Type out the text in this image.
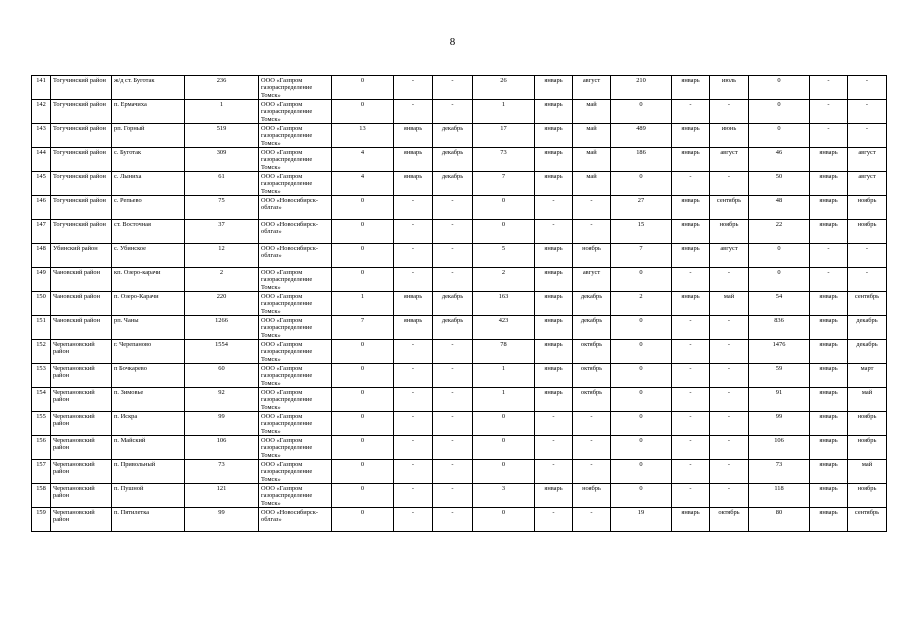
8
141	Тогучинский район	ж/д ст. Буготак	236	ООО «Газпром газораспределение Томск»	0	-	-	26	январь	август	210	январь	июль	0	-	-
142	Тогучинский район	п. Ермачиха	1	ООО «Газпром газораспределение Томск»	0	-	-	1	январь	май	0	-	-	0	-	-
143	Тогучинский район	рп. Горный	519	ООО «Газпром газораспределение Томск»	13	январь	декабрь	17	январь	май	489	январь	июнь	0	-	-
144	Тогучинский район	с. Буготак	309	ООО «Газпром газораспределение Томск»	4	январь	декабрь	73	январь	май	186	январь	август	46	январь	август
145	Тогучинский район	с. Лыниха	61	ООО «Газпром газораспределение Томск»	4	январь	декабрь	7	январь	май	0	-	-	50	январь	август
146	Тогучинский район	с. Репьево	75	ООО «Новосибирск-облгаз»	0	-	-	0	-	-	27	январь	сентябрь	48	январь	ноябрь
147	Тогучинский район	ст. Восточная	37	ООО «Новосибирск-облгаз»	0	-	-	0	-	-	15	январь	ноябрь	22	январь	ноябрь
148	Убинский район	с. Убинское	12	ООО «Новосибирск-облгаз»	0	-	-	5	январь	ноябрь	7	январь	август	0	-	-
149	Чановский район	кп. Озеро-карачи	2	ООО «Газпром газораспределение Томск»	0	-	-	2	январь	август	0	-	-	0	-	-
150	Чановский район	п. Озеро-Карачи	220	ООО «Газпром газораспределение Томск»	1	январь	декабрь	163	январь	декабрь	2	январь	май	54	январь	сентябрь
151	Чановский район	рп. Чаны	1266	ООО «Газпром газораспределение Томск»	7	январь	декабрь	423	январь	декабрь	0	-	-	836	январь	декабрь
152	Черепановский район	г. Черепаново	1554	ООО «Газпром газораспределение Томск»	0	-	-	78	январь	октябрь	0	-	-	1476	январь	декабрь
153	Черепановский район	п Бочкарево	60	ООО «Газпром газораспределение Томск»	0	-	-	1	январь	октябрь	0	-	-	59	январь	март
154	Черепановский район	п. Зимовье	92	ООО «Газпром газораспределение Томск»	0	-	-	1	январь	октябрь	0	-	-	91	январь	май
155	Черепановский район	п. Искра	99	ООО «Газпром газораспределение Томск»	0	-	-	0	-	-	0	-	-	99	январь	ноябрь
156	Черепановский район	п. Майский	106	ООО «Газпром газораспределение Томск»	0	-	-	0	-	-	0	-	-	106	январь	ноябрь
157	Черепановский район	п. Привольный	73	ООО «Газпром газораспределение Томск»	0	-	-	0	-	-	0	-	-	73	январь	май
158	Черепановский район	п. Пушной	121	ООО «Газпром газораспределение Томск»	0	-	-	3	январь	ноябрь	0	-	-	118	январь	ноябрь
159	Черепановский район	п. Пятилетка	99	ООО «Новосибирск-облгаз»	0	-	-	0	-	-	19	январь	октябрь	80	январь	сентябрь
